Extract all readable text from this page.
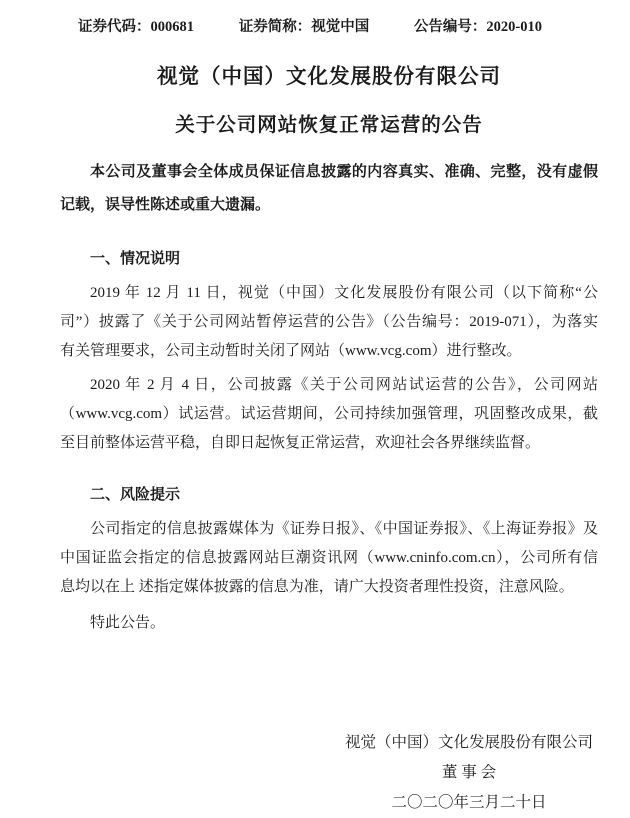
证券代码：000681	证券简称：视觉中国	公告编号：2020-010
视觉（中国）文化发展股份有限公司
关于公司网站恢复正常运营的公告
本公司及董事会全体成员保证信息披露的内容真实、准确、完整，没有虚假
记载，误导性陈述或重大遗漏。
一、情况说明
2019 年 12 月 11 日，视觉（中国）文化发展股份有限公司（以下简称“公
司”）披露了《关于公司网站暂停运营的公告》（公告编号：2019-071），为落实
有关管理要求，公司主动暂时关闭了网站（www.vcg.com）进行整改。
2020 年 2 月 4 日，公司披露《关于公司网站试运营的公告》，公司网站
（www.vcg.com）试运营。试运营期间，公司持续加强管理，巩固整改成果，截
至目前整体运营平稳，自即日起恢复正常运营，欢迎社会各界继续监督。
二、风险提示
公司指定的信息披露媒体为《证券日报》、《中国证券报》、《上海证券报》及
中国证监会指定的信息披露网站巨潮资讯网（www.cninfo.com.cn），公司所有信
息均以在上 述指定媒体披露的信息为准，请广大投资者理性投资，注意风险。
特此公告。
视觉（中国）文化发展股份有限公司
董 事 会
二〇二〇年三月二十日
